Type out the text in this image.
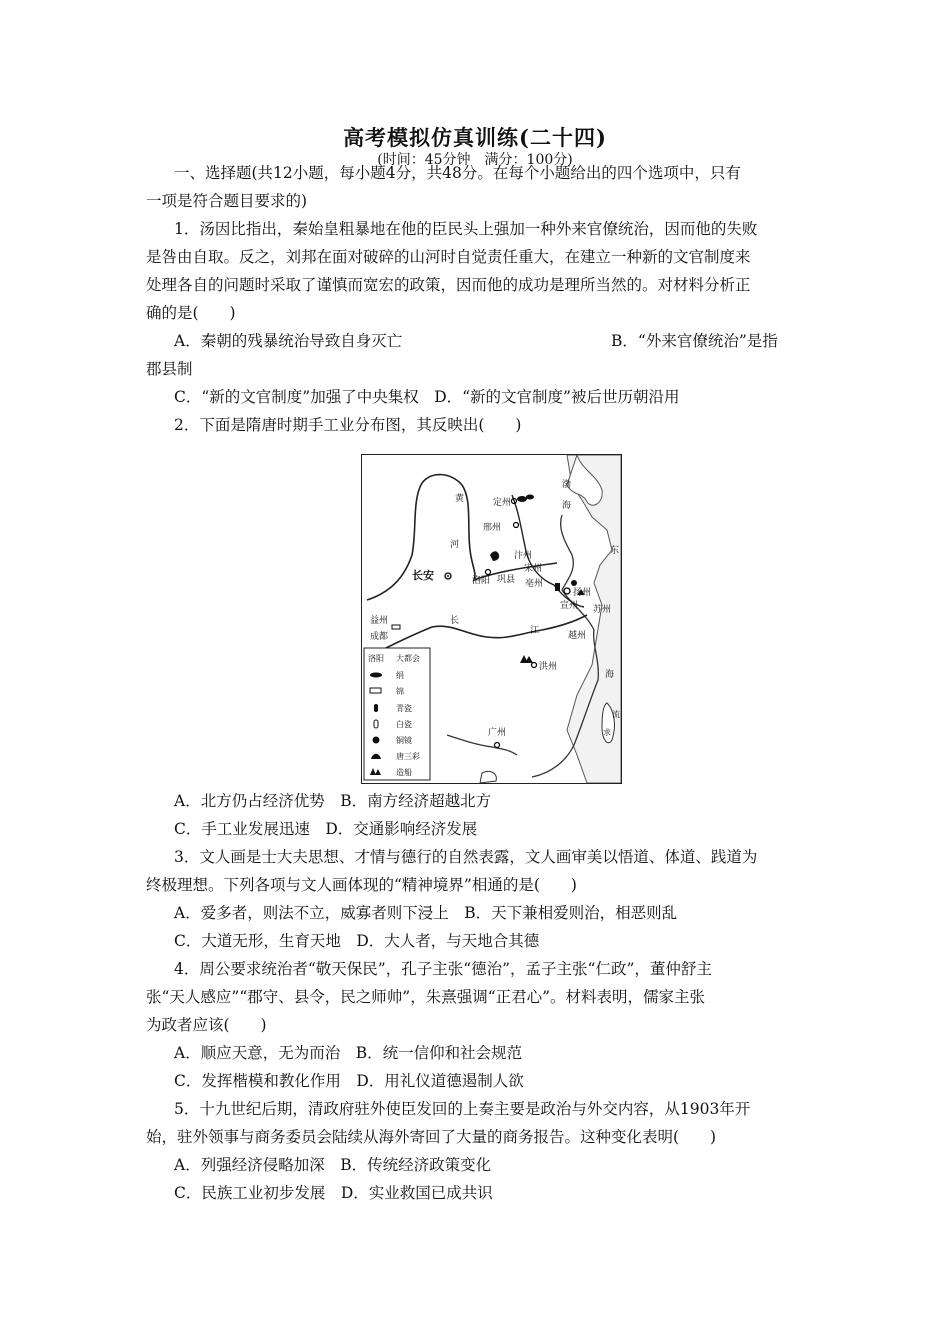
高考模拟仿真训练(二十四)
(时间：45分钟　满分：100分)
一、选择题(共12小题，每小题4分，共48分。在每个小题给出的四个选项中，只有
一项是符合题目要求的)
1．汤因比指出，秦始皇粗暴地在他的臣民头上强加一种外来官僚统治，因而他的失败
是咎由自取。反之，刘邦在面对破碎的山河时自觉责任重大，在建立一种新的文官制度来
处理各自的问题时采取了谨慎而宽宏的政策，因而他的成功是理所当然的。对材料分析正
确的是(　　)
A．秦朝的残暴统治导致自身灭亡	B．“外来官僚统治”是指
郡县制
C．“新的文官制度”加强了中央集权　D．“新的文官制度”被后世历朝沿用
2．下面是隋唐时期手工业分布图，其反映出(　　)
长安	洛阳 巩县
汴州
宋州
亳州
定州
邢州
扬州
宣州 苏州
越州
洪州
广州
益州
成都
黄
河
长
江
渤
海
东
海
流
求
洛阳 大都会
绢
锦
青瓷
白瓷
铜镜
唐三彩
造船
A．北方仍占经济优势　B．南方经济超越北方
C．手工业发展迅速　D．交通影响经济发展
3．文人画是士大夫思想、才情与德行的自然表露，文人画审美以悟道、体道、践道为
终极理想。下列各项与文人画体现的“精神境界”相通的是(　　)
A．爱多者，则法不立，威寡者则下浸上　B．天下兼相爱则治，相恶则乱
C．大道无形，生育天地　D．大人者，与天地合其德
4．周公要求统治者“敬天保民”，孔子主张“德治”，孟子主张“仁政”，董仲舒主
张“天人感应”“郡守、县令，民之师帅”，朱熹强调“正君心”。材料表明，儒家主张
为政者应该(　　)
A．顺应天意，无为而治　B．统一信仰和社会规范
C．发挥楷模和教化作用　D．用礼仪道德遏制人欲
5．十九世纪后期，清政府驻外使臣发回的上奏主要是政治与外交内容，从1903年开
始，驻外领事与商务委员会陆续从海外寄回了大量的商务报告。这种变化表明(　　)
A．列强经济侵略加深　B．传统经济政策变化
C．民族工业初步发展　D．实业救国已成共识
